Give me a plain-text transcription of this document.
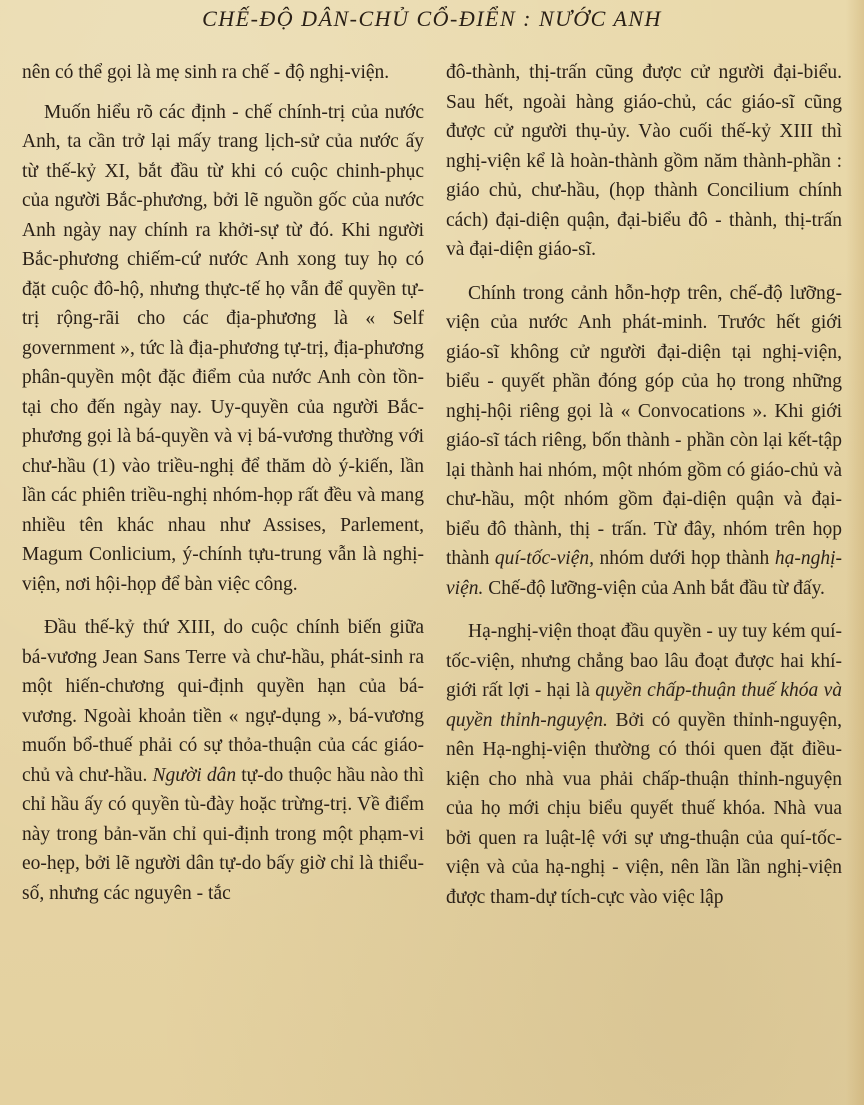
CHẾ-ĐỘ DÂN-CHỦ CỔ-ĐIỂN : NƯỚC ANH

nên có thể gọi là mẹ sinh ra chế - độ nghị-viện.

Muốn hiểu rõ các định - chế chính-trị của nước Anh, ta cần trở lại mấy trang lịch-sử của nước ấy từ thế-kỷ XI, bắt đầu từ khi có cuộc chinh-phục của người Bắc-phương, bởi lẽ nguồn gốc của nước Anh ngày nay chính ra khởi-sự từ đó. Khi người Bắc-phương chiếm-cứ nước Anh xong tuy họ có đặt cuộc đô-hộ, nhưng thực-tế họ vẫn để quyền tự-trị rộng-rãi cho các địa-phương là « Self government », tức là địa-phương tự-trị, địa-phương phân-quyền một đặc điểm của nước Anh còn tồn-tại cho đến ngày nay. Uy-quyền của người Bắc-phương gọi là bá-quyền và vị bá-vương thường với chư-hầu (1) vào triều-nghị để thăm dò ý-kiến, lần lần các phiên triều-nghị nhóm-họp rất đều và mang nhiều tên khác nhau như Assises, Parlement, Magum Conlicium, ý-chính tựu-trung vẫn là nghị-viện, nơi hội-họp để bàn việc công.

Đầu thế-kỷ thứ XIII, do cuộc chính biến giữa bá-vương Jean Sans Terre và chư-hầu, phát-sinh ra một hiến-chương qui-định quyền hạn của bá-vương. Ngoài khoản tiền « ngự-dụng », bá-vương muốn bổ-thuế phải có sự thỏa-thuận của các giáo-chủ và chư-hầu. Người dân tự-do thuộc hầu nào thì chỉ hầu ấy có quyền tù-đày hoặc trừng-trị. Về điểm này trong bản-văn chỉ qui-định trong một phạm-vi eo-hẹp, bởi lẽ người dân tự-do bấy giờ chỉ là thiểu-số, nhưng các nguyên - tắc

đô-thành, thị-trấn cũng được cử người đại-biểu. Sau hết, ngoài hàng giáo-chủ, các giáo-sĩ cũng được cử người thụ-ủy. Vào cuối thế-kỷ XIII thì nghị-viện kể là hoàn-thành gồm năm thành-phần : giáo chủ, chư-hầu, (họp thành Concilium chính cách) đại-diện quận, đại-biểu đô - thành, thị-trấn và đại-diện giáo-sĩ.

Chính trong cảnh hỗn-hợp trên, chế-độ lưỡng-viện của nước Anh phát-minh. Trước hết giới giáo-sĩ không cử người đại-diện tại nghị-viện, biểu - quyết phần đóng góp của họ trong những nghị-hội riêng gọi là « Convocations ». Khi giới giáo-sĩ tách riêng, bốn thành - phần còn lại kết-tập lại thành hai nhóm, một nhóm gồm có giáo-chủ và chư-hầu, một nhóm gồm đại-diện quận và đại-biểu đô thành, thị - trấn. Từ đây, nhóm trên họp thành quí-tốc-viện, nhóm dưới họp thành hạ-nghị-viện. Chế-độ lưỡng-viện của Anh bắt đầu từ đấy.

Hạ-nghị-viện thoạt đầu quyền - uy tuy kém quí-tốc-viện, nhưng chẳng bao lâu đoạt được hai khí-giới rất lợi - hại là quyền chấp-thuận thuế khóa và quyền thỉnh-nguyện. Bởi có quyền thỉnh-nguyện, nên Hạ-nghị-viện thường có thói quen đặt điều-kiện cho nhà vua phải chấp-thuận thỉnh-nguyện của họ mới chịu biểu quyết thuế khóa. Nhà vua bởi quen ra luật-lệ với sự ưng-thuận của quí-tốc-viện và của hạ-nghị - viện, nên lần lần nghị-viện được tham-dự tích-cực vào việc lập
